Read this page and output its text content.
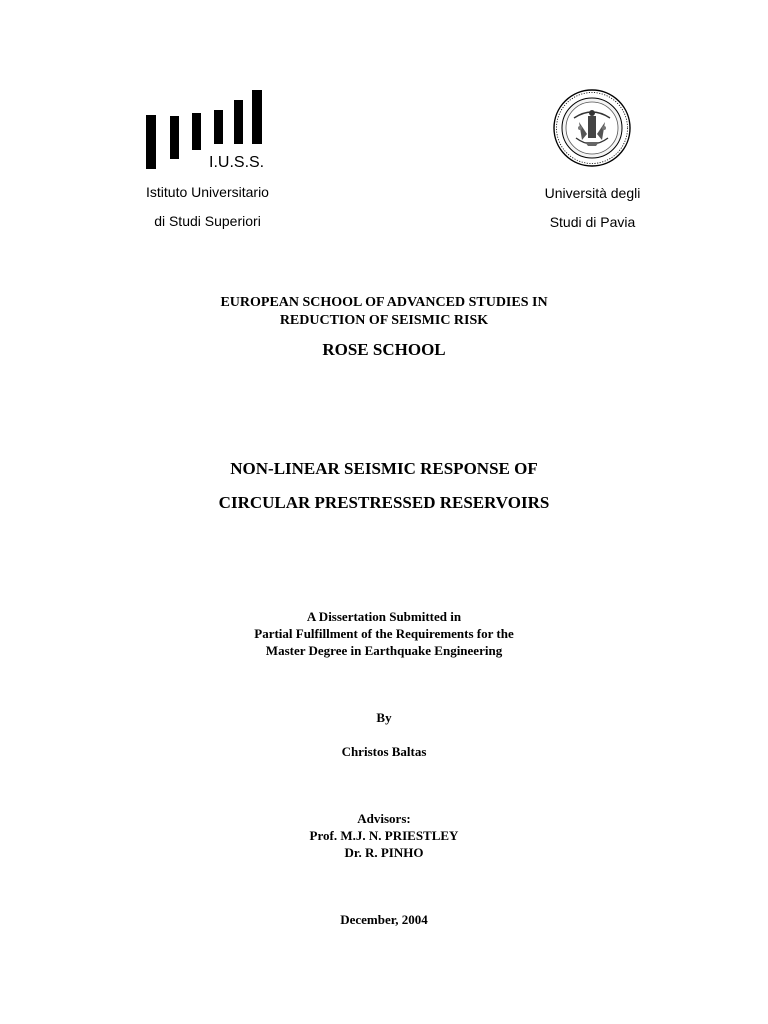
I.U.S.S.
Istituto Universitario
di Studi Superiori
Università degli
Studi di Pavia
EUROPEAN SCHOOL OF ADVANCED STUDIES IN
REDUCTION OF SEISMIC RISK
ROSE SCHOOL
NON-LINEAR SEISMIC RESPONSE OF
CIRCULAR PRESTRESSED RESERVOIRS
A Dissertation Submitted in
Partial Fulfillment of the Requirements for the
Master Degree in Earthquake Engineering
By
Christos Baltas
Advisors:
Prof. M.J. N. PRIESTLEY
Dr. R. PINHO
December, 2004
